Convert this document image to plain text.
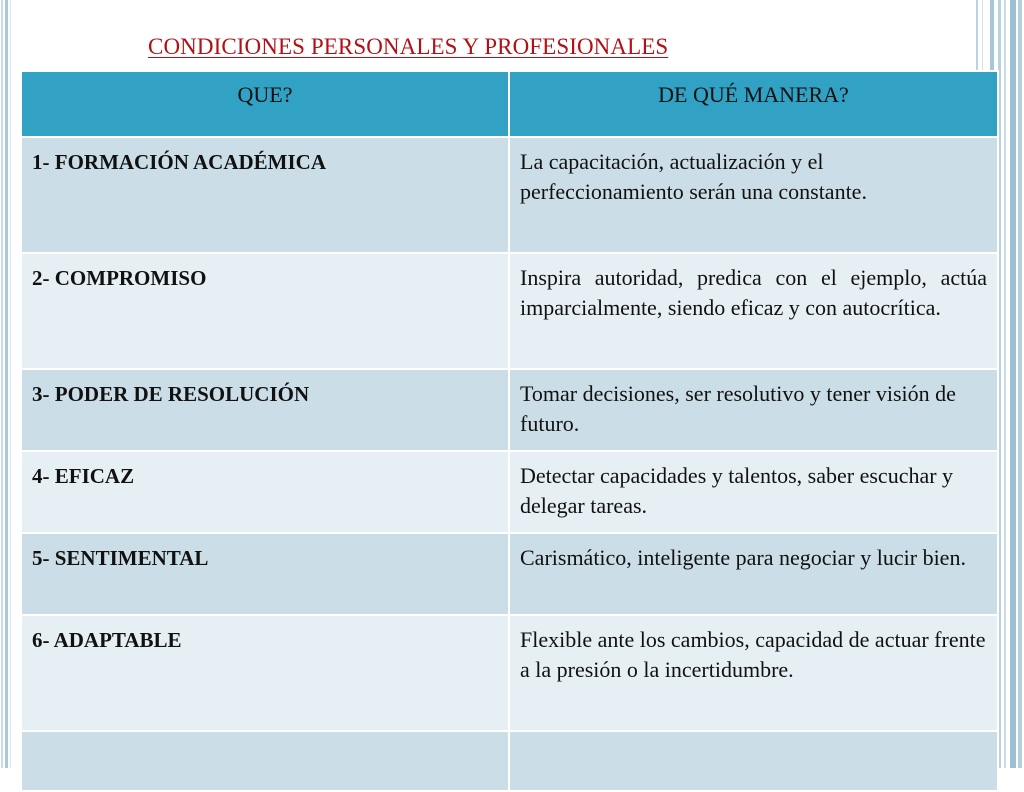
CONDICIONES PERSONALES Y PROFESIONALES
QUE?	DE QUÉ MANERA?
1- FORMACIÓN ACADÉMICA	La capacitación, actualización y el perfeccionamiento serán una constante.
2- COMPROMISO	Inspira autoridad, predica con el ejemplo, actúa imparcialmente, siendo eficaz y con autocrítica.
3- PODER DE RESOLUCIÓN	Tomar decisiones, ser resolutivo y tener visión de futuro.
4- EFICAZ	Detectar capacidades y talentos, saber escuchar y delegar tareas.
5- SENTIMENTAL	Carismático, inteligente para negociar y lucir bien.
6- ADAPTABLE	Flexible ante los cambios, capacidad de actuar frente a la presión o la incertidumbre.
